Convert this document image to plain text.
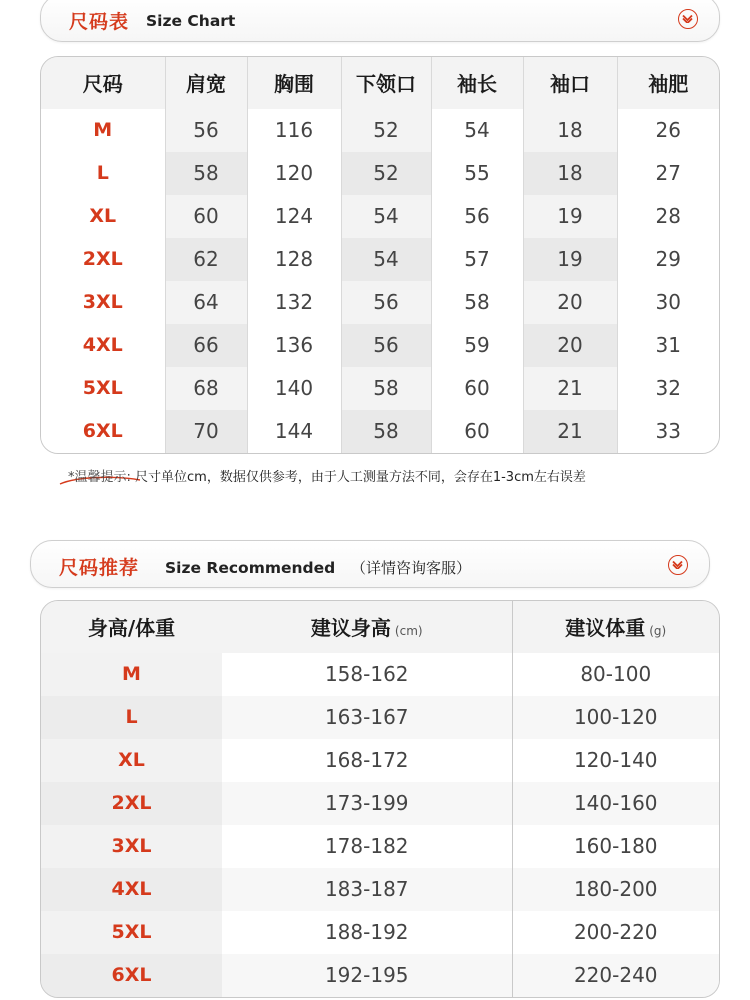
尺码表 Size Chart
尺码	肩宽	胸围	下领口	袖长	袖口	袖肥
M	56	116	52	54	18	26
L	58	120	52	55	18	27
XL	60	124	54	56	19	28
2XL	62	128	54	57	19	29
3XL	64	132	56	58	20	30
4XL	66	136	56	59	20	31
5XL	68	140	58	60	21	32
6XL	70	144	58	60	21	33
*温馨提示: 尺寸单位cm，数据仅供参考，由于人工测量方法不同，会存在1-3cm左右误差
尺码推荐 Size Recommended （详情咨询客服）
身高/体重	建议身高 (cm)	建议体重 (g)
M	158-162	80-100
L	163-167	100-120
XL	168-172	120-140
2XL	173-199	140-160
3XL	178-182	160-180
4XL	183-187	180-200
5XL	188-192	200-220
6XL	192-195	220-240
